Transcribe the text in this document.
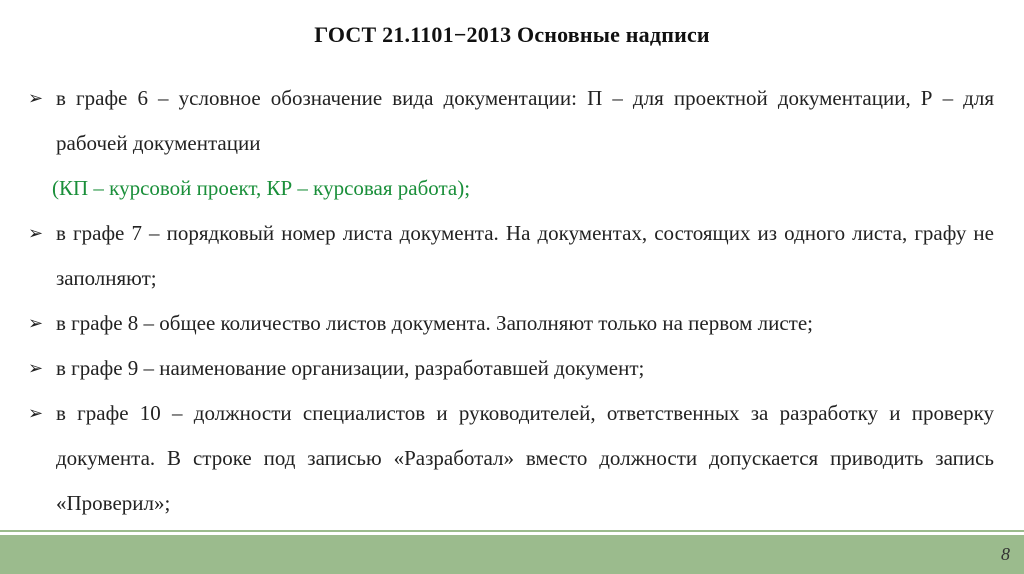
ГОСТ 21.1101−2013 Основные надписи
➢ в графе 6 – условное обозначение вида документации: П – для проектной документации, Р – для рабочей документации
(КП – курсовой проект, КР – курсовая работа);
➢ в графе 7 – порядковый номер листа документа. На документах, состоящих из одного листа, графу не заполняют;
➢ в графе 8 – общее количество листов документа. Заполняют только на первом листе;
➢ в графе 9 – наименование организации, разработавшей документ;
➢ в графе 10 – должности специалистов и руководителей, ответственных за разработку и проверку документа. В строке под записью «Разработал» вместо должности допускается приводить запись «Проверил»;
8
